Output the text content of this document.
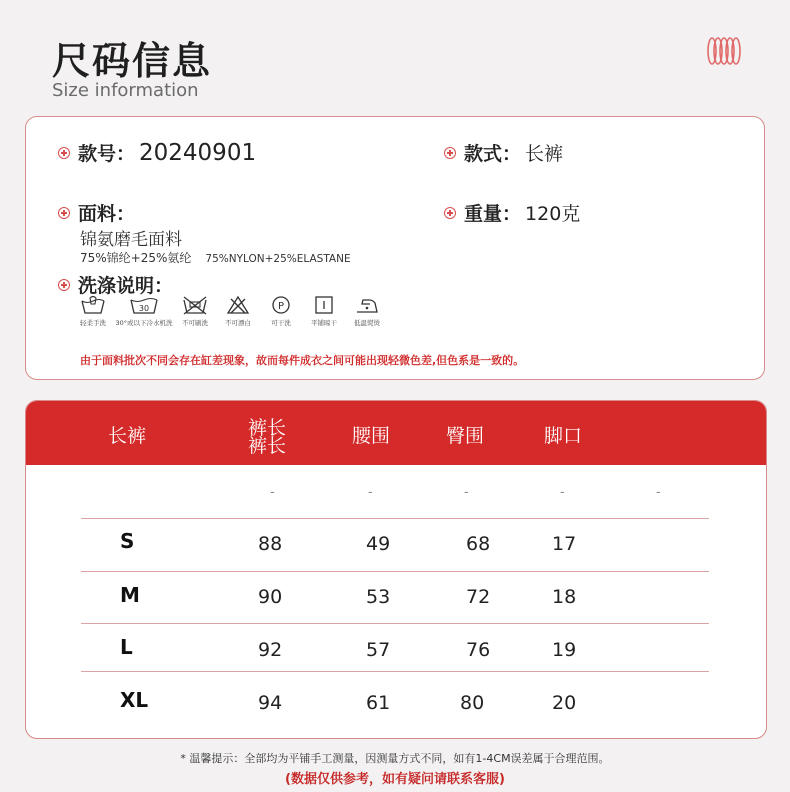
尺码信息
Size information
款号： 20240901	款式： 长裤
面料：
锦氨磨毛面料
75%锦纶+25%氨纶 75%NYLON+25%ELASTANE
重量： 120克
洗涤说明：
轻柔手洗
30
30°或以下冷水机洗 不可刷洗	不可漂白
P
可干洗	平铺晾干	低温熨烫
由于面料批次不同会存在缸差现象，故而每件成衣之间可能出现轻微色差,但色系是一致的。
长裤	裤长
裤长	腰围	臀围	脚口
-	-	-	-	-
S	88	49	68	17
M	90	53	72	18
L	92	57	76	19
XL	94	61	80	20
* 温馨提示：全部均为平铺手工测量，因测量方式不同，如有1-4CM误差属于合理范围。
(数据仅供参考，如有疑问请联系客服)
